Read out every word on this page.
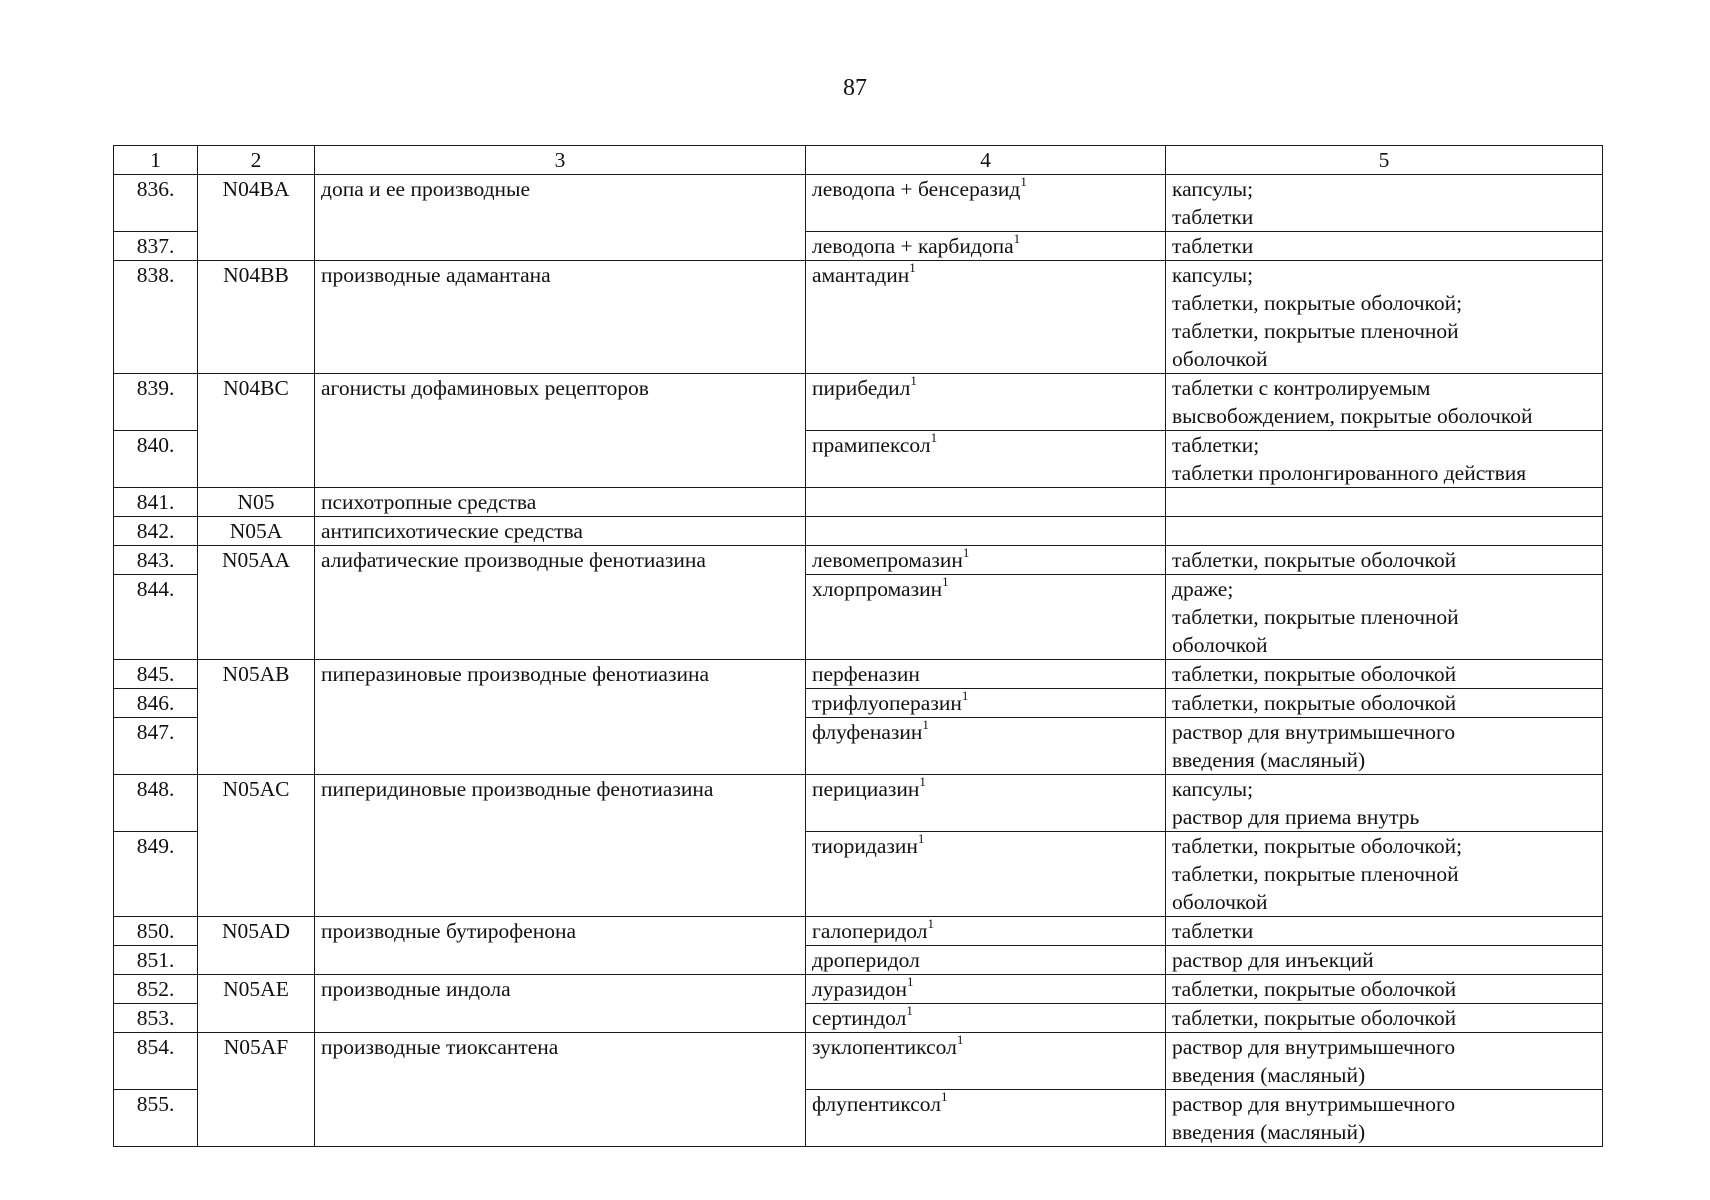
87
1	2	3	4	5
836.	N04BA	допа и ее производные	леводопа + бенсеразид$^1$	капсулы;
таблетки
837.			леводопа + карбидопа$^1$	таблетки
838.	N04BB	производные адамантана	амантадин$^1$	капсулы;
таблетки, покрытые оболочкой;
таблетки, покрытые пленочной
оболочкой
839.	N04BC	агонисты дофаминовых рецепторов	пирибедил$^1$	таблетки с контролируемым
высвобождением, покрытые оболочкой
840.			прамипексол$^1$	таблетки;
таблетки пролонгированного действия
841.	N05	психотропные средства		
842.	N05A	антипсихотические средства		
843.	N05AA	алифатические производные фенотиазина	левомепромазин$^1$	таблетки, покрытые оболочкой
844.			хлорпромазин$^1$	драже;
таблетки, покрытые пленочной
оболочкой
845.	N05AB	пиперазиновые производные фенотиазина	перфеназин	таблетки, покрытые оболочкой
846.			трифлуоперазин$^1$	таблетки, покрытые оболочкой
847.			флуфеназин$^1$	раствор для внутримышечного
введения (масляный)
848.	N05AC	пиперидиновые производные фенотиазина	перициазин$^1$	капсулы;
раствор для приема внутрь
849.			тиоридазин$^1$	таблетки, покрытые оболочкой;
таблетки, покрытые пленочной
оболочкой
850.	N05AD	производные бутирофенона	галоперидол$^1$	таблетки
851.			дроперидол	раствор для инъекций
852.	N05AE	производные индола	луразидон$^1$	таблетки, покрытые оболочкой
853.			сертиндол$^1$	таблетки, покрытые оболочкой
854.	N05AF	производные тиоксантена	зуклопентиксол$^1$	раствор для внутримышечного
введения (масляный)
855.			флупентиксол$^1$	раствор для внутримышечного
введения (масляный)
